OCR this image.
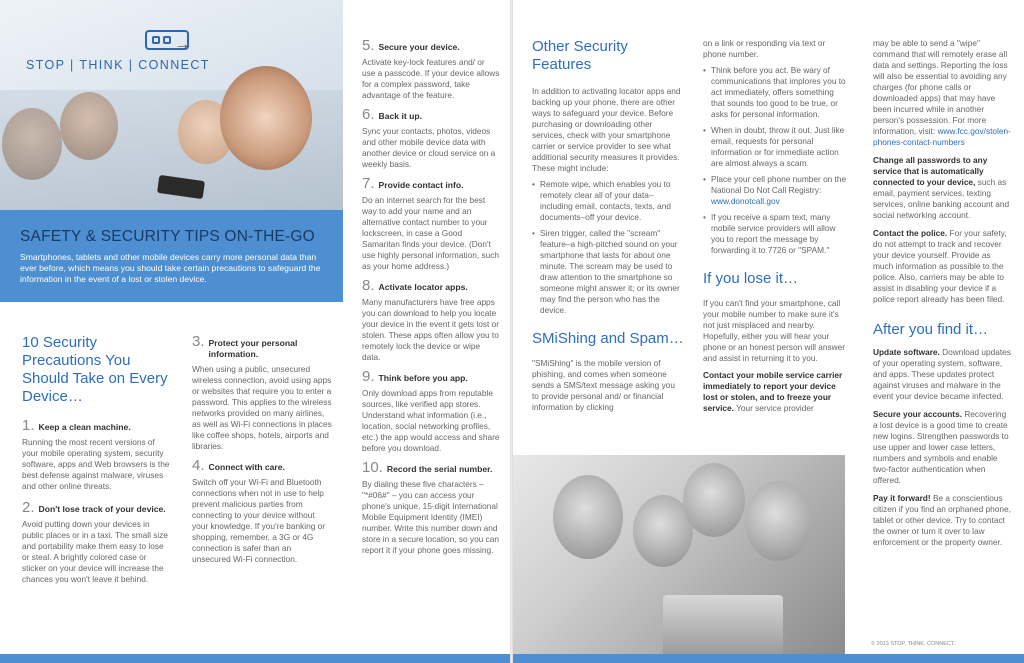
→
STOP | THINK | CONNECT
SAFETY & SECURITY TIPS ON-THE-GO

Smartphones, tablets and other mobile devices carry more personal data than ever before, which means you should take certain precautions to safeguard the information in the event of a lost or stolen device.

10 Security Precautions You Should Take on Every Device…
1. Keep a clean machine.
Running the most recent versions of your mobile operating system, security software, apps and Web browsers is the best defense against malware, viruses and other online threats.
2. Don't lose track of your device.
Avoid putting down your devices in public places or in a taxi. The small size and portability make them easy to lose or steal. A brightly colored case or sticker on your device will increase the chances you won't leave it behind.
3. Protect your personal information.
When using a public, unsecured wireless connection, avoid using apps or websites that require you to enter a password. This applies to the wireless networks provided on many airlines, as well as Wi-Fi connections in places like coffee shops, hotels, airports and libraries.
4. Connect with care.
Switch off your Wi-Fi and Bluetooth connections when not in use to help prevent malicious parties from connecting to your device without your knowledge. If you're banking or shopping, remember, a 3G or 4G connection is safer than an unsecured Wi-Fi connection.
5. Secure your device.
Activate key-lock features and/ or use a passcode. If your device allows for a complex password, take advantage of the feature.
6. Back it up.
Sync your contacts, photos, videos and other mobile device data with another device or cloud service on a weekly basis.
7. Provide contact info.
Do an internet search for the best way to add your name and an alternative contact number to your lockscreen, in case a Good Samaritan finds your device. (Don't use highly personal information, such as your home address.)
8. Activate locator apps.
Many manufacturers have free apps you can download to help you locate your device in the event it gets lost or stolen. These apps often allow you to remotely lock the device or wipe data.
9. Think before you app.
Only download apps from reputable sources, like verified app stores. Understand what information (i.e., location, social networking profiles, etc.) the app would access and share before you download.
10. Record the serial number.
By dialing these five characters – "*#06#" – you can access your phone's unique, 15-digit International Mobile Equipment Identity (IMEI) number. Write this number down and store in a secure location, so you can report it if your phone goes missing.
Other Security Features
In addition to activating locator apps and backing up your phone, there are other ways to safeguard your device. Before purchasing or downloading other services, check with your smartphone carrier or service provider to see what additional security measures it provides. These might include:
• Remote wipe, which enables you to remotely clear all of your data– including email, contacts, texts, and documents–off your device.
• Siren trigger, called the "scream" feature–a high-pitched sound on your smartphone that lasts for about one minute. The scream may be used to draw attention to the smartphone so someone might answer it; or its owner may find the person who has the device.
SMiShing and Spam…
"SMiShing" is the mobile version of phishing, and comes when someone sends a SMS/text message asking you to provide personal and/ or financial information by clicking
on a link or responding via text or phone number.
• Think before you act. Be wary of communications that implores you to act immediately, offers something that sounds too good to be true, or asks for personal information.
• When in doubt, throw it out. Just like email, requests for personal information or for immediate action are almost always a scam.
• Place your cell phone number on the National Do Not Call Registry: www.donotcall.gov
• If you receive a spam text, many mobile service providers will allow you to report the message by forwarding it to 7726 or "SPAM."
If you lose it…
If you can't find your smartphone, call your mobile number to make sure it's not just misplaced and nearby. Hopefully, either you will hear your phone or an honest person will answer and assist in returning it to you.
Contact your mobile service carrier immediately to report your device lost or stolen, and to freeze your service. Your service provider
may be able to send a "wipe" command that will remotely erase all data and settings. Reporting the loss will also be essential to avoiding any charges (for phone calls or downloaded apps) that may have been incurred while in another person's possession. For more information, visit: www.fcc.gov/stolen-phones-contact-numbers
Change all passwords to any service that is automatically connected to your device, such as email, payment services, texting services, online banking account and social networking account.
Contact the police. For your safety, do not attempt to track and recover your device yourself. Provide as much information as possible to the police. Also, carriers may be able to assist in disabling your device if a police report already has been filed.
After you find it…
Update software. Download updates of your operating system, software, and apps. These updates protect against viruses and malware in the event your device became infected.
Secure your accounts. Recovering a lost device is a good time to create new logins. Strengthen passwords to use upper and lower case letters, numbers and symbols and enable two-factor authentication when offered.
Pay it forward! Be a conscientious citizen if you find an orphaned phone, tablet or other device. Try to contact the owner or turn it over to law enforcement or the property owner.
© 2013 STOP. THINK. CONNECT.
